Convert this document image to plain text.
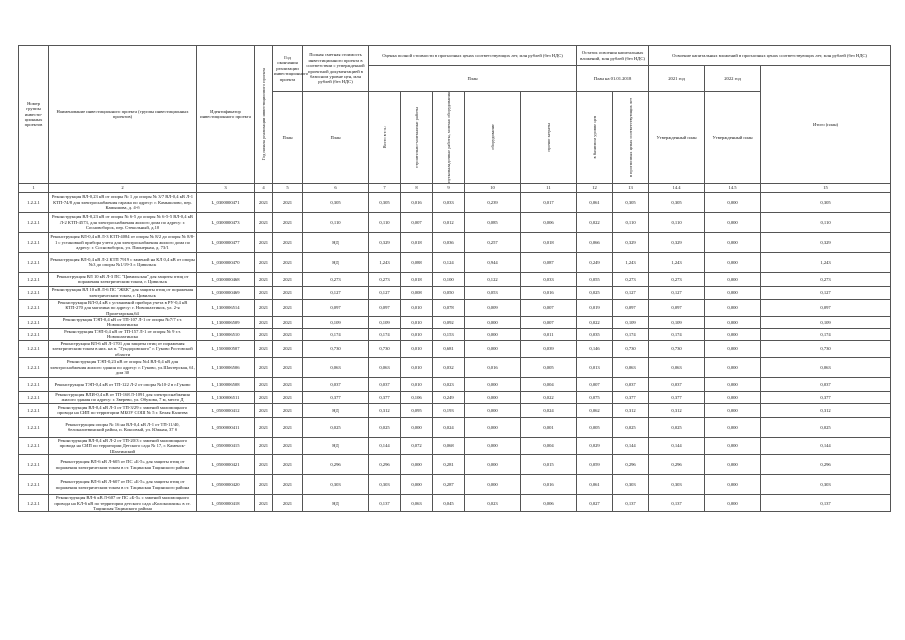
Номер группы инвести-ционных проектов	Наименование инвестиционного проекта (группы инвестиционных проектов)	Идентификатор инвестиционного проекта	Год начала реализации инвестиционного проекта	Год окончания реализации инвестиционного проекта	Полная сметная стоимость инвестиционного проекта в соответствии с утвержденной проектной документацией в базисном уровне цен, млн рублей (без НДС)	Оценка полной стоимости в прогнозных ценах соответствующих лет, млн рублей (без НДС)					Остаток освоения капитальных вложений, млн рублей (без НДС)		Освоение капитальных вложений в прогнозных ценах соответствующих лет, млн рублей (без НДС)		
						План					План на 01.01.2018		2021 год	2022 год	Итого (план)
				План	План	Всего в т.ч.:	строительно-монтажные работы	пусконаладочные работы, монтаж оборудования	оборудование	прочие затраты	в базисном уровне цен	в прогнозных ценах соответствующих лет	Утвержденный план	Утвержденный план	
1	2	3	4	5	6	7	8	9	10	11	12	13	14.4	14.5	15
1.2.2.1	Реконструкция ВЛ-0,23 кВ от опоры № 1 до опоры № 3/7 ВЛ-0,4 кВ Л-1 КТП-74/8 для электроснабжения гаража по адресу: г. Камышлово, пер. Камышова, д. 4-б	L_0300000471	2021	2021	0,305	0,305	0,016	0,033	0,239	0,017	0,061	0,305	0,305	0,000	0,305
1.2.2.1	Реконструкция ВЛ-0,23 кВ от опоры № 6-5 до опоры № 6-5-5 ВЛ-0,4 кВ Л-2 КТП-4573, для электроснабжения жилого дома по адресу: г. Сосновоборск, пер. Стекольный, д.10	L_0300000473	2021	2021	0,110	0,110	0,007	0,012	0,085	0,006	0,022	0,110	0,110	0,000	0,110
1.2.2.1	Реконструкция ВЛ-0,4 кВ Л-3 КТП-4084 от опоры № 8/2 до опоры № 8/8-1 с установкой прибора учета для электроснабжения жилого дома по адресу: г. Сосновоборск, ул. Пионерная, д. 73/1	L_0300000477	2021	2021	НД	0,329	0,018	0,036	0,257	0,018	0,066	0,329	0,329	0,000	0,329
1.2.2.1	Реконструкция ВЛ-0,4 кВ Л-2 КТП 7919 с заменой на КЛ 0,4 кВ от опоры №3 до опоры №1/19-3 г. Цивильск	L_0300000470	2021	2021	НД	1,243	0,088	0,124	0,944	0,087	0,249	1,243	1,243	0,000	1,243
1.2.2.1	Реконструкция ВЛ 10 кВ Л-3 ПС "Цивильская" для защиты птиц от поражения электрическим током, г. Цивильск	L_0300000468	2021	2021	0,273	0,273	0,018	0,100	0,122	0,033	0,055	0,273	0,273	0,000	0,273
1.2.2.1	Реконструкция ВЛ 10 кВ Л-6 ПС "ЖБК" для защиты птиц от поражения электрическим током, г. Цивильск	L_0300000469	2021	2021	0,127	0,127	0,008	0,050	0,053	0,016	0,025	0,127	0,127	0,000	0,127
1.2.2.1	Реконструкция ВЛ-0,4 кВ с установкой прибора учета в РУ-0,4 кВ КТП-270 для магазина по адресу: г. Новошахтинск, ул. 2-я Пролетарская,64	L_1300006514	2021	2021	0,097	0,097	0,010	0,078	0,009	0,007	0,019	0,097	0,097	0,000	0,097
1.2.2.1	Реконструкция ТЭП-0,4 кВ от ТП-107 Л-1 от опоры №7/7 г.т. Новошахтинска	L_1300006509	2021	2021	0,109	0,109	0,010	0,092	0,000	0,007	0,022	0,109	0,109	0,000	0,109
1.2.2.1	Реконструкция ТЭП-0,4 кВ от ТП-157 Л-1 от опоры № 9 г.т. Новошахтинска	L_1300006510	2021	2021	0,174	0,174	0,010	0,153	0,000	0,011	0,035	0,174	0,174	0,000	0,174
1.2.2.1	Реконструкция ВЛ-6 кВ Л-1701 для защиты птиц от поражения электрическим током в них. на п. "Гундоровского" г. Гуково Ростовской области	L_1500000507	2021	2021	0,730	0,730	0,010	0,681	0,000	0,039	0,146	0,730	0,730	0,000	0,730
1.2.2.1	Реконструкция ТЭП-0,23 кВ от опоры №4 ВЛ-0,4 кВ для электроснабжения жилого здания по адресу: г. Гуково, ул.Шахтерская, 61, дом 30	L_1300006506	2021	2021	0,063	0,063	0,010	0,032	0,016	0,005	0,013	0,063	0,063	0,000	0,063
1.2.2.1	Реконструкция ТЭП-0,4 кВ от ТП-122 Л-2 от опоры №10-2 в г.Гуково	L_1300006508	2021	2021	0,037	0,037	0,010	0,023	0,000	0,004	0,007	0,037	0,037	0,000	0,037
1.2.2.1	Реконструкция ВЛИ-0,4 кВ от ТП-168 Л-1091 для электроснабжения жилого здания по адресу: г. Зверево, ул. Обухова, 7 м, место Д	L_1300006511	2021	2021	0,377	0,377	0,106	0,249	0,000	0,022	0,075	0,377	0,377	0,000	0,377
1.2.2.1	Реконструкция ВЛ-0,4 кВ Л-3 от ТП-3/29 с заменой маломощного провода на СИП по территории МБОУ СОШ № 5 г. Белая Калитва	L_0500000412	2021	2021	НД	0,312	0,095	0,193	0,000	0,024	0,062	0,312	0,312	0,000	0,312
1.2.2.1	Реконструкция опоры № 16 на ВЛ-0,4 кВ Л-1 от ТП-11/40, белокалитвинский район, п. Коксовый, ул. Южная, 37 б	L_0500000411	2021	2021	0,025	0,025	0,000	0,024	0,000	0,001	0,005	0,025	0,025	0,000	0,025
1.2.2.1	Реконструкция ВЛ-0,4 кВ Л-2 от ТП-20/3 с заменой маломощного провода на СИП по территории Детского сада № 17, г. Каменск-Шахтинский	L_0500000415	2021	2021	НД	0,144	0,072	0,068	0,000	0,004	0,029	0,144	0,144	0,000	0,144
1.2.2.1	Реконструкция ВЛ-6 кВ Л-605 от ПС «Б-5» для защиты птиц от поражения электрическим током в ст. Тацинская Тацинского района	L_0500000421	2021	2021	0,296	0,296	0,000	0,281	0,000	0,015	0,059	0,296	0,296	0,000	0,296
1.2.2.1	Реконструкция ВЛ-6 кВ Л-607 от ПС «Б-5» для защиты птиц от поражения электрическим током в ст. Тацинская Тацинского района	L_0500000420	2021	2021	0,303	0,303	0,000	0,287	0,000	0,016	0,061	0,303	0,303	0,000	0,303
1.2.2.1	Реконструкция ВЛ-6 кВ Л-607 от ПС «Б-5» с заменой маломощного провода на КЛ-6 кВ по территории детского сада «Колокольчик» в ст. Тацинская Тацинского района	L_0500000418	2021	2021	НД	0,137	0,063	0,045	0,023	0,006	0,027	0,137	0,137	0,000	0,137
